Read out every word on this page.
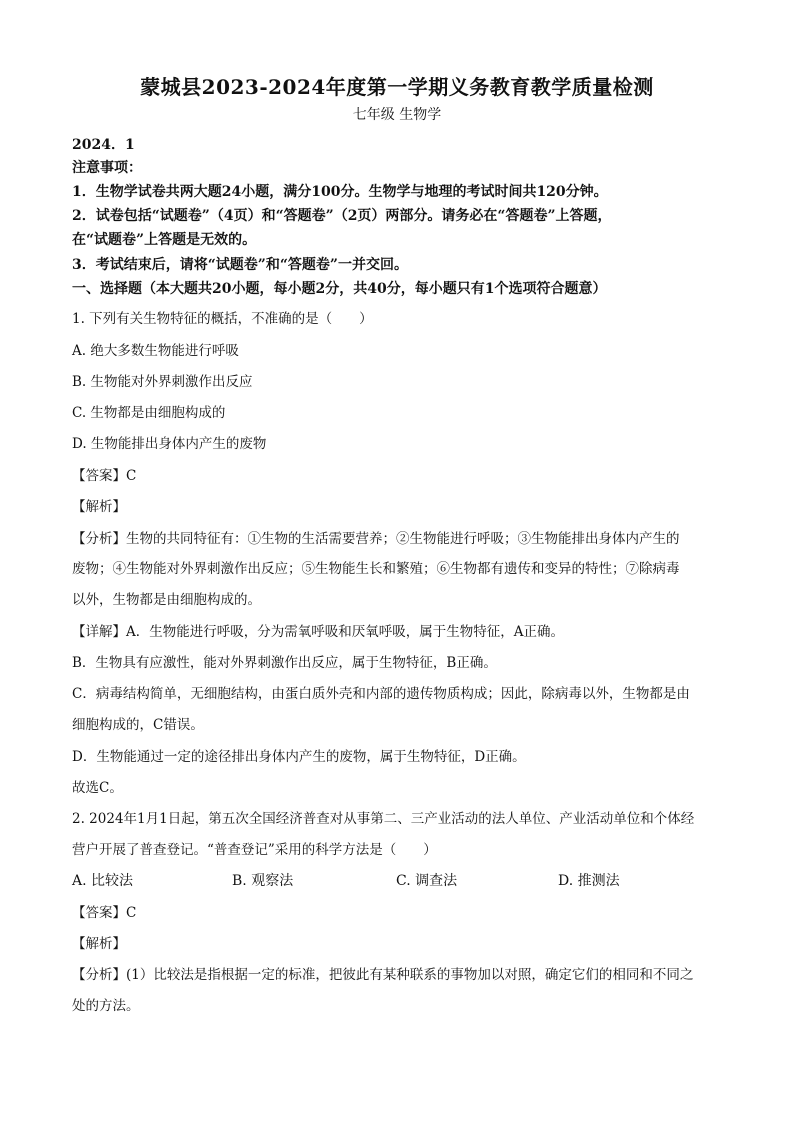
蒙城县2023-2024年度第一学期义务教育教学质量检测
七年级 生物学
2024．1
注意事项：
1．生物学试卷共两大题24小题，满分100分。生物学与地理的考试时间共120分钟。
2．试卷包括“试题卷”（4页）和“答题卷”（2页）两部分。请务必在“答题卷”上答题，
在“试题卷”上答题是无效的。
3．考试结束后，请将“试题卷”和“答题卷”一并交回。
一、选择题（本大题共20小题，每小题2分，共40分，每小题只有1个选项符合题意）
1. 下列有关生物特征的概括，不准确的是（　　）
A. 绝大多数生物能进行呼吸
B. 生物能对外界刺激作出反应
C. 生物都是由细胞构成的
D. 生物能排出身体内产生的废物
【答案】C
【解析】
【分析】生物的共同特征有：①生物的生活需要营养；②生物能进行呼吸；③生物能排出身体内产生的
废物；④生物能对外界刺激作出反应；⑤生物能生长和繁殖；⑥生物都有遗传和变异的特性；⑦除病毒
以外，生物都是由细胞构成的。
【详解】A．生物能进行呼吸，分为需氧呼吸和厌氧呼吸，属于生物特征，A正确。
B．生物具有应激性，能对外界刺激作出反应，属于生物特征，B正确。
C．病毒结构简单，无细胞结构，由蛋白质外壳和内部的遗传物质构成；因此，除病毒以外，生物都是由
细胞构成的，C错误。
D．生物能通过一定的途径排出身体内产生的废物，属于生物特征，D正确。
故选C。
2. 2024年1月1日起，第五次全国经济普查对从事第二、三产业活动的法人单位、产业活动单位和个体经
营户开展了普查登记。“普查登记”采用的科学方法是（　　）
A. 比较法	B. 观察法	C. 调查法	D. 推测法
【答案】C
【解析】
【分析】(1）比较法是指根据一定的标准，把彼此有某种联系的事物加以对照，确定它们的相同和不同之
处的方法。
